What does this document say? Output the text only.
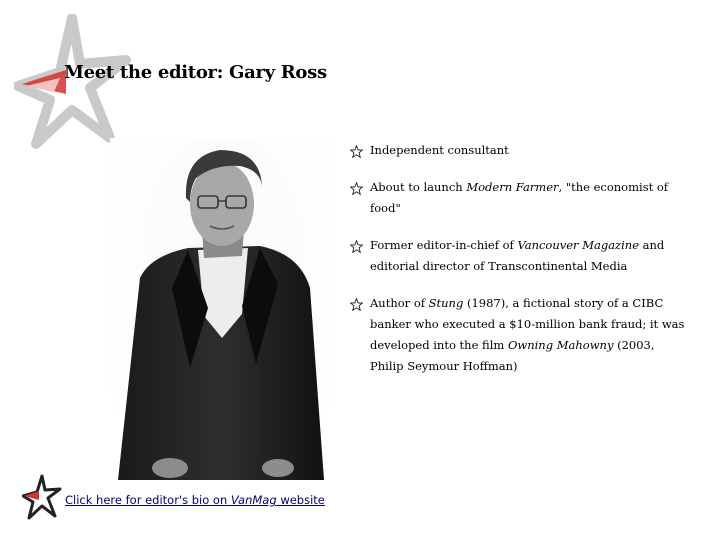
Meet the editor: Gary Ross
Independent consultant
About to launch Modern Farmer, "the economist of food"
Former editor-in-chief of Vancouver Magazine and editorial director of Transcontinental Media
Author of Stung (1987), a fictional story of a CIBC banker who executed a $10-million bank fraud; it was developed into the film Owning Mahowny (2003, Philip Seymour Hoffman)
Click here for editor's bio on VanMag website
